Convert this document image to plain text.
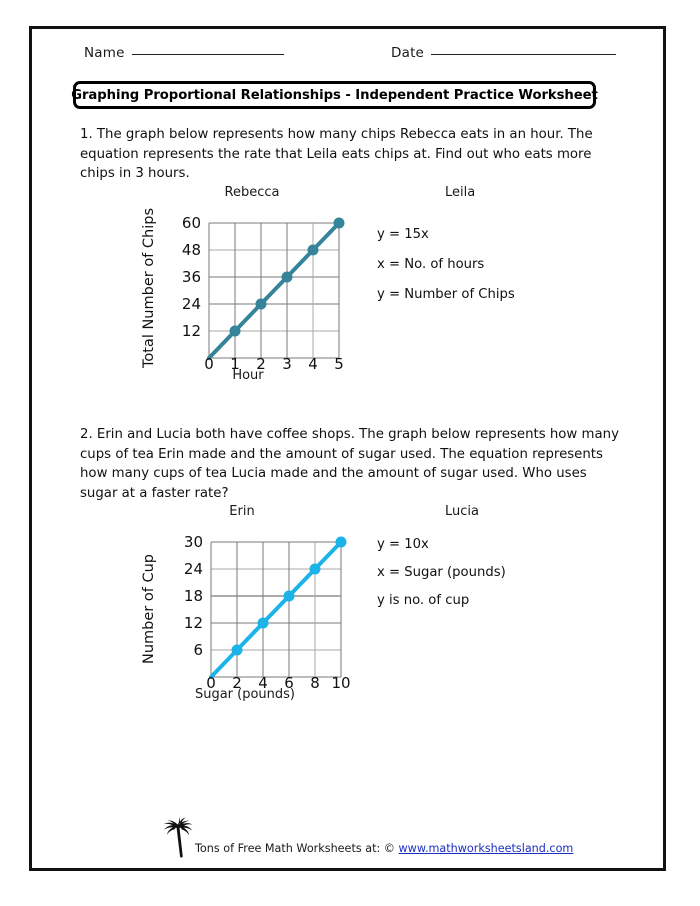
Name	Date
Graphing Proportional Relationships - Independent Practice Worksheet
1. The graph below represents how many chips Rebecca eats in an hour. The equation represents the rate that Leila eats chips at. Find out who eats more chips in 3 hours.
Rebecca
60
48
36
24
12
Total Number of Chips	0 1 2 3 4 5
Hour
Leila
y = 15x
x = No. of hours
y = Number of Chips
2. Erin and Lucia both have coffee shops. The graph below represents how many cups of tea Erin made and the amount of sugar used. The equation represents how many cups of tea Lucia made and the amount of sugar used. Who uses sugar at a faster rate?
Erin
30
24
18
12
6
Number of Cup
0 2 4 6 8 10
Sugar (pounds)
Lucia
y = 10x
x = Sugar (pounds)
y is no. of cup
Tons of Free Math Worksheets at: © www.mathworksheetsland.com
